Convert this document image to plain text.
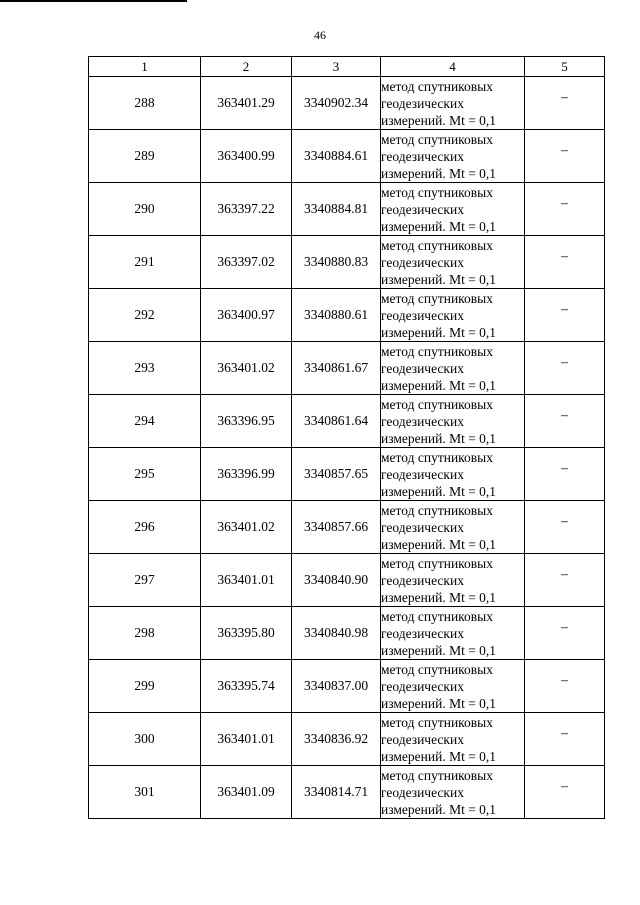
46
1	2	3	4	5
288	363401.29	3340902.34	метод спутниковых
геодезических
измерений. Mt = 0,1	–
289	363400.99	3340884.61	метод спутниковых
геодезических
измерений. Mt = 0,1	–
290	363397.22	3340884.81	метод спутниковых
геодезических
измерений. Mt = 0,1	–
291	363397.02	3340880.83	метод спутниковых
геодезических
измерений. Mt = 0,1	–
292	363400.97	3340880.61	метод спутниковых
геодезических
измерений. Mt = 0,1	–
293	363401.02	3340861.67	метод спутниковых
геодезических
измерений. Mt = 0,1	–
294	363396.95	3340861.64	метод спутниковых
геодезических
измерений. Mt = 0,1	–
295	363396.99	3340857.65	метод спутниковых
геодезических
измерений. Mt = 0,1	–
296	363401.02	3340857.66	метод спутниковых
геодезических
измерений. Mt = 0,1	–
297	363401.01	3340840.90	метод спутниковых
геодезических
измерений. Mt = 0,1	–
298	363395.80	3340840.98	метод спутниковых
геодезических
измерений. Mt = 0,1	–
299	363395.74	3340837.00	метод спутниковых
геодезических
измерений. Mt = 0,1	–
300	363401.01	3340836.92	метод спутниковых
геодезических
измерений. Mt = 0,1	–
301	363401.09	3340814.71	метод спутниковых
геодезических
измерений. Mt = 0,1	–
